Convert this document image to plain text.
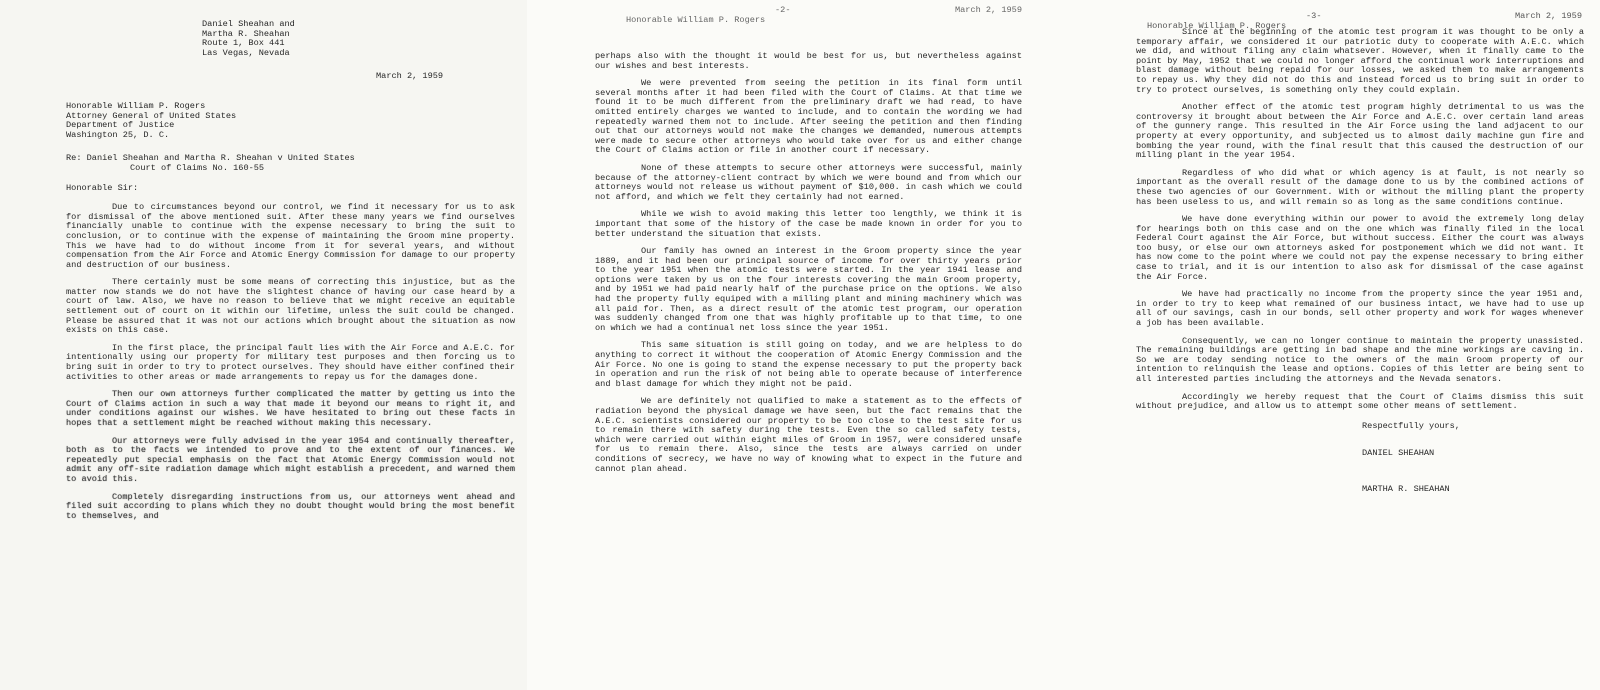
Daniel Sheahan and
Martha R. Sheahan
Route 1, Box 441
Las Vegas, Nevada
March 2, 1959
Honorable William P. Rogers
Attorney General of United States
Department of Justice
Washington 25, D. C.
Re: Daniel Sheahan and Martha R. Sheahan v United States
Court of Claims No. 160-55
Honorable Sir:

Due to circumstances beyond our control, we find it necessary for us to ask for dismissal of the above mentioned suit. After these many years we find ourselves financially unable to continue with the expense necessary to bring the suit to conclusion, or to continue with the expense of maintaining the Groom mine property. This we have had to do without income from it for several years, and without compensation from the Air Force and Atomic Energy Commission for damage to our property and destruction of our business.

There certainly must be some means of correcting this injustice, but as the matter now stands we do not have the slightest chance of having our case heard by a court of law. Also, we have no reason to believe that we might receive an equitable settlement out of court on it within our lifetime, unless the suit could be changed. Please be assured that it was not our actions which brought about the situation as now exists on this case.

In the first place, the principal fault lies with the Air Force and A.E.C. for intentionally using our property for military test purposes and then forcing us to bring suit in order to try to protect ourselves. They should have either confined their activities to other areas or made arrangements to repay us for the damages done.

Then our own attorneys further complicated the matter by getting us into the Court of Claims action in such a way that made it beyond our means to right it, and under conditions against our wishes. We have hesitated to bring out these facts in hopes that a settlement might be reached without making this necessary.

Our attorneys were fully advised in the year 1954 and continually thereafter, both as to the facts we intended to prove and to the extent of our finances. We repeatedly put special emphasis on the fact that Atomic Energy Commission would not admit any off-site radiation damage which might establish a precedent, and warned them to avoid this.

Completely disregarding instructions from us, our attorneys went ahead and filed suit according to plans which they no doubt thought would bring the most benefit to themselves, and

Honorable William P. Rogers

-2-

	March 2, 1959

perhaps also with the thought it would be best for us, but nevertheless against our wishes and best interests.

We were prevented from seeing the petition in its final form until several months after it had been filed with the Court of Claims. At that time we found it to be much different from the preliminary draft we had read, to have omitted entirely charges we wanted to include, and to contain the wording we had repeatedly warned them not to include. After seeing the petition and then finding out that our attorneys would not make the changes we demanded, numerous attempts were made to secure other attorneys who would take over for us and either change the Court of Claims action or file in another court if necessary.

None of these attempts to secure other attorneys were successful, mainly because of the attorney-client contract by which we were bound and from which our attorneys would not release us without payment of $10,000. in cash which we could not afford, and which we felt they certainly had not earned.

While we wish to avoid making this letter too lengthly, we think it is important that some of the history of the case be made known in order for you to better understand the situation that exists.

Our family has owned an interest in the Groom property since the year 1889, and it had been our principal source of income for over thirty years prior to the year 1951 when the atomic tests were started. In the year 1941 lease and options were taken by us on the four interests covering the main Groom property, and by 1951 we had paid nearly half of the purchase price on the options. We also had the property fully equiped with a milling plant and mining machinery which was all paid for. Then, as a direct result of the atomic test program, our operation was suddenly changed from one that was highly profitable up to that time, to one on which we had a continual net loss since the year 1951.

This same situation is still going on today, and we are helpless to do anything to correct it without the cooperation of Atomic Energy Commission and the Air Force. No one is going to stand the expense necessary to put the property back in operation and run the risk of not being able to operate because of interference and blast damage for which they might not be paid.

We are definitely not qualified to make a statement as to the effects of radiation beyond the physical damage we have seen, but the fact remains that the A.E.C. scientists considered our property to be too close to the test site for us to remain there with safety during the tests. Even the so called safety tests, which were carried out within eight miles of Groom in 1957, were considered unsafe for us to remain there. Also, since the tests are always carried on under conditions of secrecy, we have no way of knowing what to expect in the future and cannot plan ahead.

Honorable William P. Rogers

-3-

	March 2, 1959

Since at the beginning of the atomic test program it was thought to be only a temporary affair, we considered it our patriotic duty to cooperate with A.E.C. which we did, and without filing any claim whatsever. However, when it finally came to the point by May, 1952 that we could no longer afford the continual work interruptions and blast damage without being repaid for our losses, we asked them to make arrangements to repay us. Why they did not do this and instead forced us to bring suit in order to try to protect ourselves, is something only they could explain.

Another effect of the atomic test program highly detrimental to us was the controversy it brought about between the Air Force and A.E.C. over certain land areas of the gunnery range. This resulted in the Air Force using the land adjacent to our property at every opportunity, and subjected us to almost daily machine gun fire and bombing the year round, with the final result that this caused the destruction of our milling plant in the year 1954.

Regardless of who did what or which agency is at fault, is not nearly so important as the overall result of the damage done to us by the combined actions of these two agencies of our Government. With or without the milling plant the property has been useless to us, and will remain so as long as the same conditions continue.

We have done everything within our power to avoid the extremely long delay for hearings both on this case and on the one which was finally filed in the local Federal Court against the Air Force, but without success. Either the court was always too busy, or else our own attorneys asked for postponement which we did not want. It has now come to the point where we could not pay the expense necessary to bring either case to trial, and it is our intention to also ask for dismissal of the case against the Air Force.

We have had practically no income from the property since the year 1951 and, in order to try to keep what remained of our business intact, we have had to use up all of our savings, cash in our bonds, sell other property and work for wages whenever a job has been available.

Consequently, we can no longer continue to maintain the property unassisted. The remaining buildings are getting in bad shape and the mine workings are caving in. So we are today sending notice to the owners of the main Groom property of our intention to relinquish the lease and options. Copies of this letter are being sent to all interested parties including the attorneys and the Nevada senators.

Accordingly we hereby request that the Court of Claims dismiss this suit without prejudice, and allow us to attempt some other means of settlement.

Respectfully yours,
DANIEL SHEAHAN
MARTHA R. SHEAHAN
